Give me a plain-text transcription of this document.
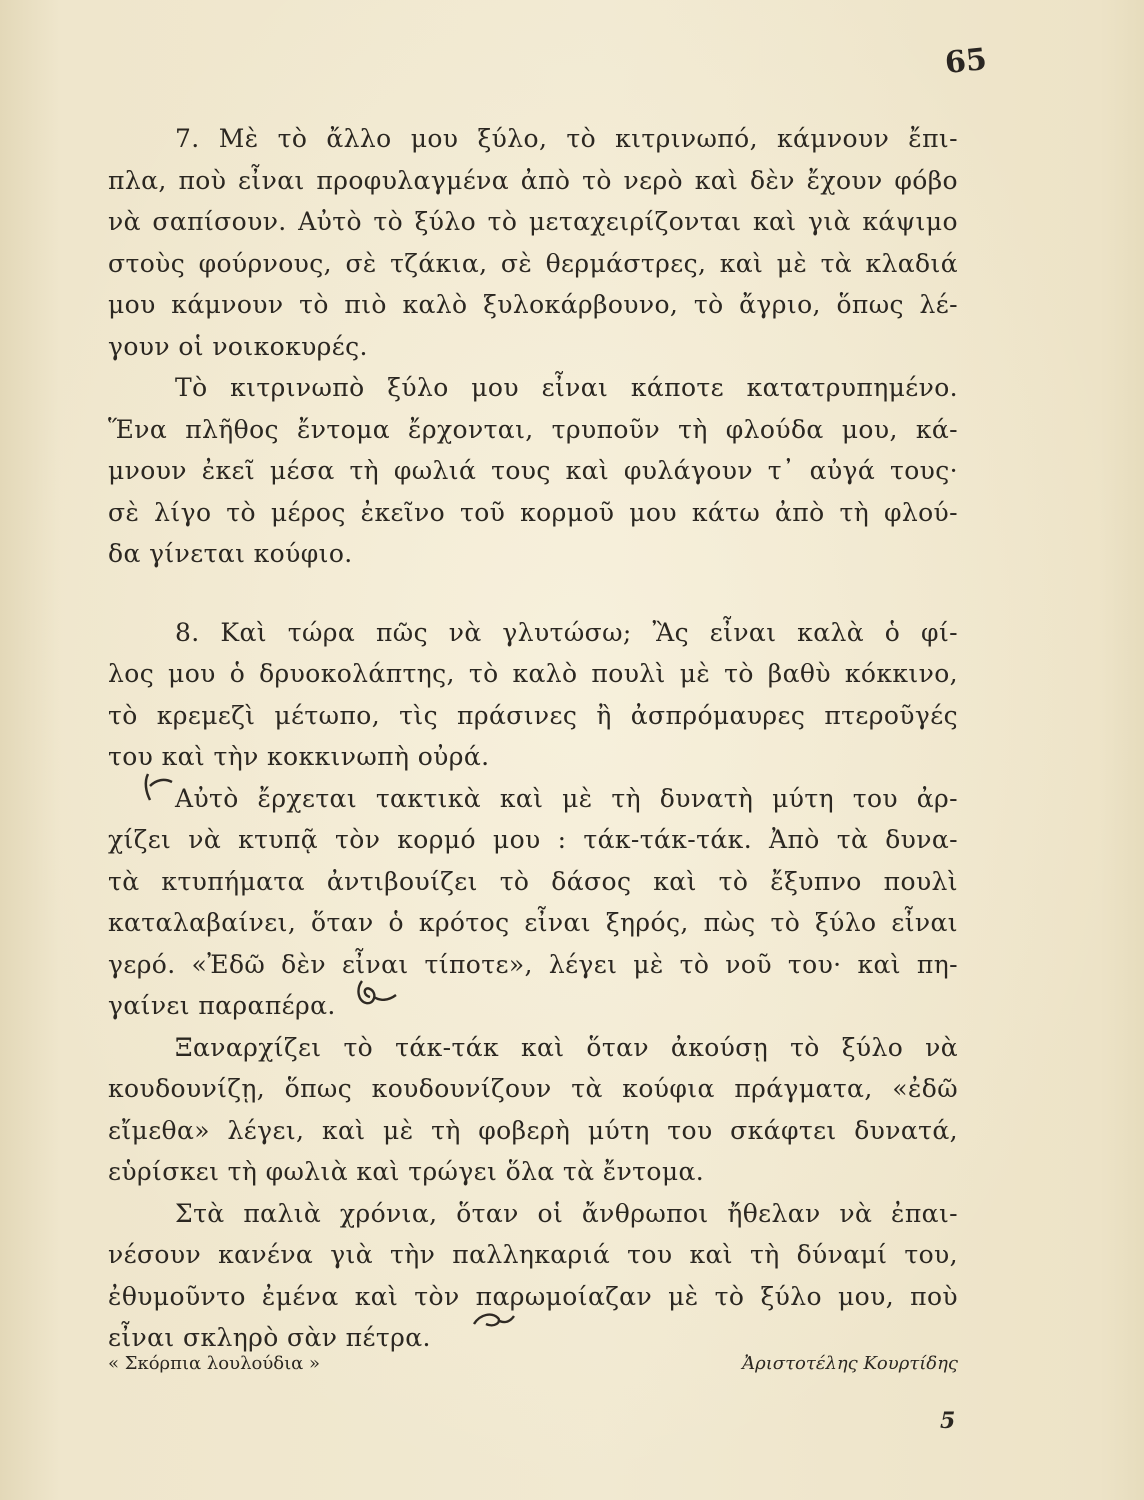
65
7. Μὲ τὸ ἄλλο μου ξύλο, τὸ κιτρινωπό, κάμνουν ἔπι-
πλα, ποὺ εἶναι προφυλαγμένα ἀπὸ τὸ νερὸ καὶ δὲν ἔχουν φόβο
νὰ σαπίσουν. Αὐτὸ τὸ ξύλο τὸ μεταχειρίζονται καὶ γιὰ κάψιμο
στοὺς φούρνους, σὲ τζάκια, σὲ θερμάστρες, καὶ μὲ τὰ κλαδιά
μου κάμνουν τὸ πιὸ καλὸ ξυλοκάρβουνο, τὸ ἄγριο, ὅπως λέ-
γουν οἱ νοικοκυρές.
Τὸ κιτρινωπὸ ξύλο μου εἶναι κάποτε κατατρυπημένο.
Ἕνα πλῆθος ἔντομα ἔρχονται, τρυποῦν τὴ φλούδα μου, κά-
μνουν ἐκεῖ μέσα τὴ φωλιά τους καὶ φυλάγουν τ᾽ αὐγά τους·
σὲ λίγο τὸ μέρος ἐκεῖνο τοῦ κορμοῦ μου κάτω ἀπὸ τὴ φλού-
δα γίνεται κούφιο.
8. Καὶ τώρα πῶς νὰ γλυτώσω; Ἂς εἶναι καλὰ ὁ φί-
λος μου ὁ δρυοκολάπτης, τὸ καλὸ πουλὶ μὲ τὸ βαθὺ κόκκινο,
τὸ κρεμεζὶ μέτωπο, τὶς πράσινες ἢ ἀσπρόμαυρες πτεροῦγές
του καὶ τὴν κοκκινωπὴ οὐρά.
Αὐτὸ ἔρχεται τακτικὰ καὶ μὲ τὴ δυνατὴ μύτη του ἀρ-
χίζει νὰ κτυπᾷ τὸν κορμό μου : τάκ-τάκ-τάκ. Ἀπὸ τὰ δυνα-
τὰ κτυπήματα ἀντιβουίζει τὸ δάσος καὶ τὸ ἔξυπνο πουλὶ
καταλαβαίνει, ὅταν ὁ κρότος εἶναι ξηρός, πὼς τὸ ξύλο εἶναι
γερό. «Ἐδῶ δὲν εἶναι τίποτε», λέγει μὲ τὸ νοῦ του· καὶ πη-
γαίνει παραπέρα.
Ξαναρχίζει τὸ τάκ-τάκ καὶ ὅταν ἀκούσῃ τὸ ξύλο νὰ
κουδουνίζῃ, ὅπως κουδουνίζουν τὰ κούφια πράγματα, «ἐδῶ
εἴμεθα» λέγει, καὶ μὲ τὴ φοβερὴ μύτη του σκάφτει δυνατά,
εὑρίσκει τὴ φωλιὰ καὶ τρώγει ὅλα τὰ ἔντομα.
Στὰ παλιὰ χρόνια, ὅταν οἱ ἄνθρωποι ἤθελαν νὰ ἐπαι-
νέσουν κανένα γιὰ τὴν παλληκαριά του καὶ τὴ δύναμί του,
ἐθυμοῦντο ἐμένα καὶ τὸν παρωμοίαζαν μὲ τὸ ξύλο μου, ποὺ
εἶναι σκληρὸ σὰν πέτρα.
« Σκόρπια λουλούδια »	Ἀριστοτέλης Κουρτίδης
5
